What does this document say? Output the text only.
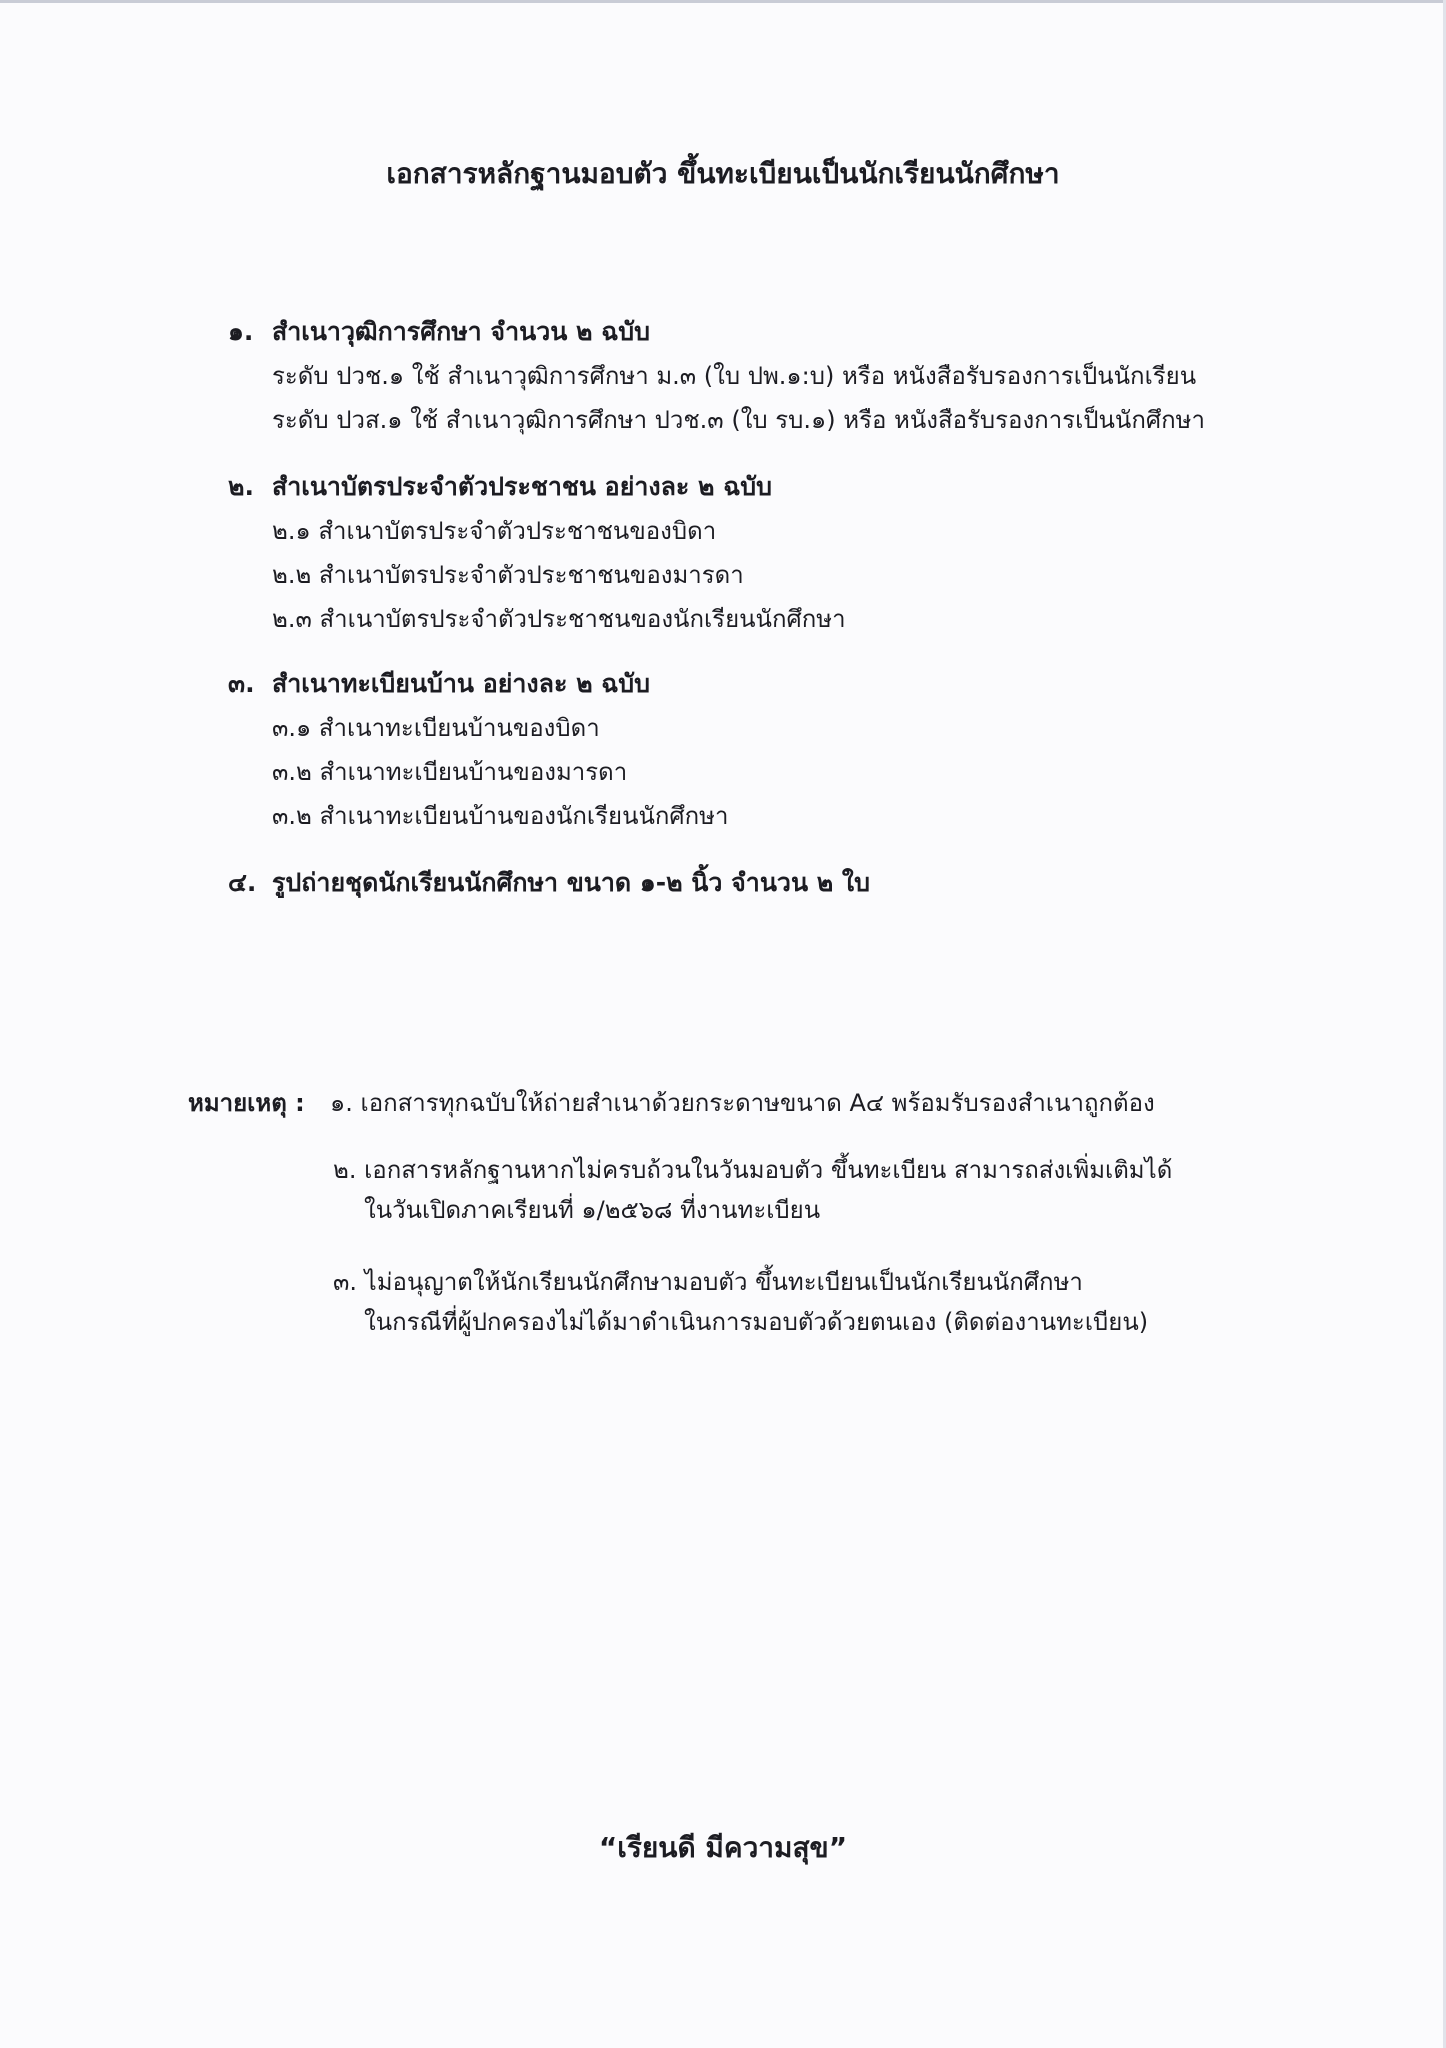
เอกสารหลักฐานมอบตัว ขึ้นทะเบียนเป็นนักเรียนนักศึกษา
๑. สำเนาวุฒิการศึกษา จำนวน ๒ ฉบับ
ระดับ ปวช.๑ ใช้ สำเนาวุฒิการศึกษา ม.๓ (ใบ ปพ.๑:บ) หรือ หนังสือรับรองการเป็นนักเรียน
ระดับ ปวส.๑ ใช้ สำเนาวุฒิการศึกษา ปวช.๓ (ใบ รบ.๑) หรือ หนังสือรับรองการเป็นนักศึกษา
๒. สำเนาบัตรประจำตัวประชาชน อย่างละ ๒ ฉบับ
๒.๑ สำเนาบัตรประจำตัวประชาชนของบิดา
๒.๒ สำเนาบัตรประจำตัวประชาชนของมารดา
๒.๓ สำเนาบัตรประจำตัวประชาชนของนักเรียนนักศึกษา
๓. สำเนาทะเบียนบ้าน อย่างละ ๒ ฉบับ
๓.๑ สำเนาทะเบียนบ้านของบิดา
๓.๒ สำเนาทะเบียนบ้านของมารดา
๓.๒ สำเนาทะเบียนบ้านของนักเรียนนักศึกษา
๔. รูปถ่ายชุดนักเรียนนักศึกษา ขนาด ๑-๒ นิ้ว จำนวน ๒ ใบ
หมายเหตุ :	๑. เอกสารทุกฉบับให้ถ่ายสำเนาด้วยกระดาษขนาด A๔ พร้อมรับรองสำเนาถูกต้อง
๒. เอกสารหลักฐานหากไม่ครบถ้วนในวันมอบตัว ขึ้นทะเบียน สามารถส่งเพิ่มเติมได้
ในวันเปิดภาคเรียนที่ ๑/๒๕๖๘ ที่งานทะเบียน
๓. ไม่อนุญาตให้นักเรียนนักศึกษามอบตัว ขึ้นทะเบียนเป็นนักเรียนนักศึกษา
ในกรณีที่ผู้ปกครองไม่ได้มาดำเนินการมอบตัวด้วยตนเอง (ติดต่องานทะเบียน)
“เรียนดี มีความสุข”
